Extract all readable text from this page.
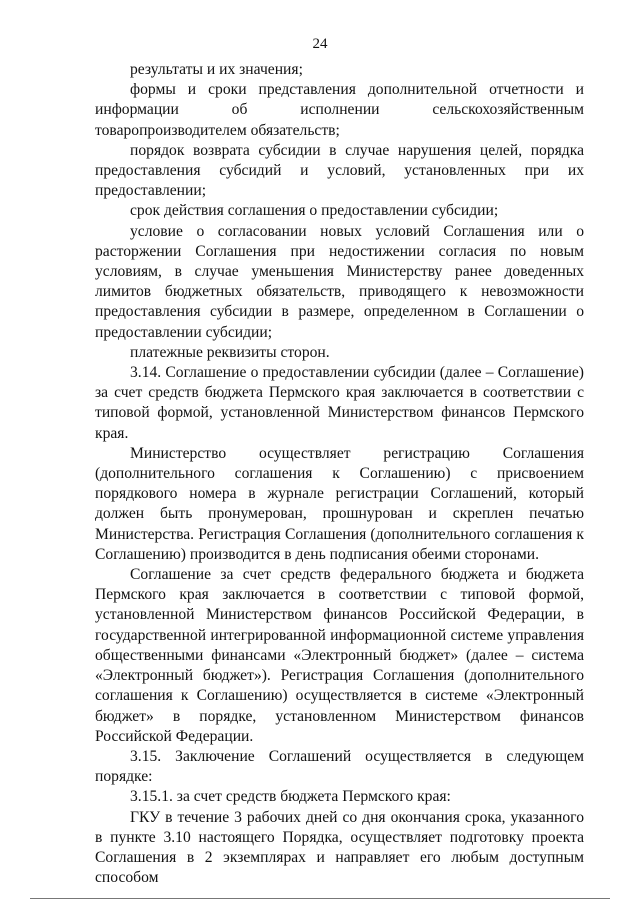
24

результаты и их значения;

формы и сроки представления дополнительной отчетности и информации об исполнении сельскохозяйственным товаропроизводителем обязательств;

порядок возврата субсидии в случае нарушения целей, порядка предоставления субсидий и условий, установленных при их предоставлении;

срок действия соглашения о предоставлении субсидии;

условие о согласовании новых условий Соглашения или о расторжении Соглашения при недостижении согласия по новым условиям, в случае уменьшения Министерству ранее доведенных лимитов бюджетных обязательств, приводящего к невозможности предоставления субсидии в размере, определенном в Соглашении о предоставлении субсидии;

платежные реквизиты сторон.

3.14. Соглашение о предоставлении субсидии (далее – Соглашение) за счет средств бюджета Пермского края заключается в соответствии с типовой формой, установленной Министерством финансов Пермского края.

Министерство осуществляет регистрацию Соглашения (дополнительного соглашения к Соглашению) с присвоением порядкового номера в журнале регистрации Соглашений, который должен быть пронумерован, прошнурован и скреплен печатью Министерства. Регистрация Соглашения (дополнительного соглашения к Соглашению) производится в день подписания обеими сторонами.

Соглашение за счет средств федерального бюджета и бюджета Пермского края заключается в соответствии с типовой формой, установленной Министерством финансов Российской Федерации, в государственной интегрированной информационной системе управления общественными финансами «Электронный бюджет» (далее – система «Электронный бюджет»). Регистрация Соглашения (дополнительного соглашения к Соглашению) осуществляется в системе «Электронный бюджет» в порядке, установленном Министерством финансов Российской Федерации.

3.15. Заключение Соглашений осуществляется в следующем порядке:

3.15.1. за счет средств бюджета Пермского края:

ГКУ в течение 3 рабочих дней со дня окончания срока, указанного в пункте 3.10 настоящего Порядка, осуществляет подготовку проекта Соглашения в 2 экземплярах и направляет его любым доступным способом
